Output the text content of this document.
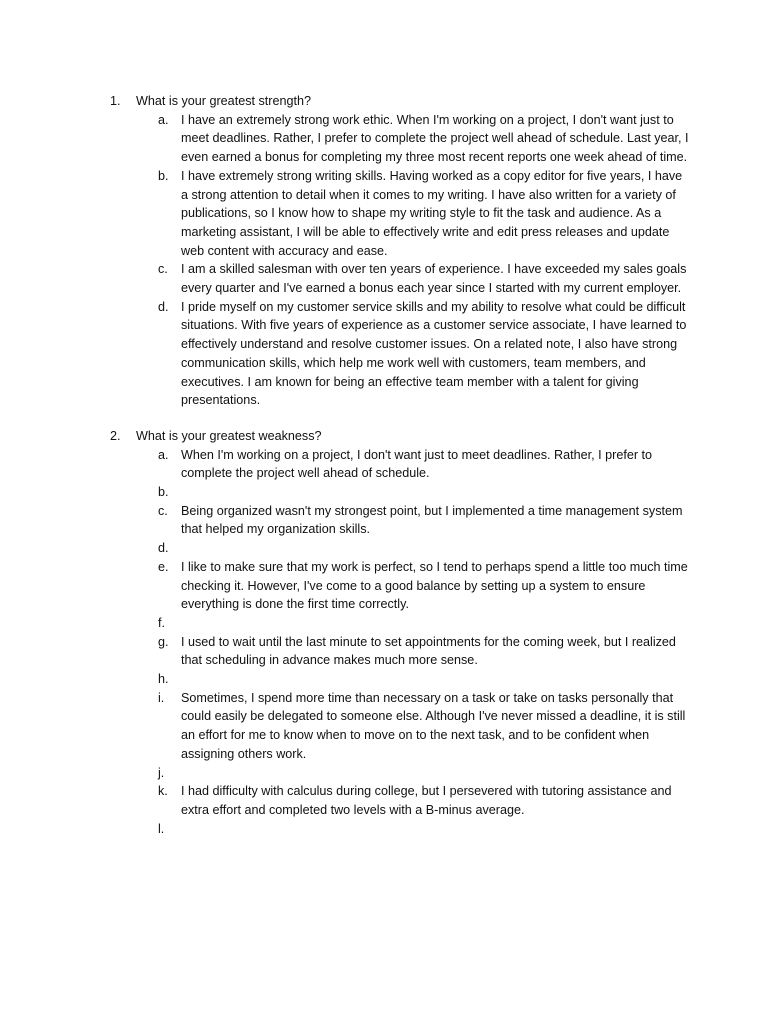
1.	What is your greatest strength?
a. I have an extremely strong work ethic. When I'm working on a project, I don't want just to meet deadlines. Rather, I prefer to complete the project well ahead of schedule. Last year, I even earned a bonus for completing my three most recent reports one week ahead of time.
b. I have extremely strong writing skills. Having worked as a copy editor for five years, I have a strong attention to detail when it comes to my writing. I have also written for a variety of publications, so I know how to shape my writing style to fit the task and audience. As a marketing assistant, I will be able to effectively write and edit press releases and update web content with accuracy and ease.
c.	I am a skilled salesman with over ten years of experience. I have exceeded my sales goals every quarter and I've earned a bonus each year since I started with my current employer.
d. I pride myself on my customer service skills and my ability to resolve what could be difficult situations. With five years of experience as a customer service associate, I have learned to effectively understand and resolve customer issues. On a related note, I also have strong communication skills, which help me work well with customers, team members, and executives. I am known for being an effective team member with a talent for giving presentations.
2.	What is your greatest weakness?
a. When I'm working on a project, I don't want just to meet deadlines. Rather, I prefer to complete the project well ahead of schedule.
b.
c.	Being organized wasn't my strongest point, but I implemented a time management system that helped my organization skills.
d.
e. I like to make sure that my work is perfect, so I tend to perhaps spend a little too much time checking it. However, I've come to a good balance by setting up a system to ensure everything is done the first time correctly.
f.
g. I used to wait until the last minute to set appointments for the coming week, but I realized that scheduling in advance makes much more sense.
h.
i.	Sometimes, I spend more time than necessary on a task or take on tasks personally that could easily be delegated to someone else. Although I've never missed a deadline, it is still an effort for me to know when to move on to the next task, and to be confident when assigning others work.
j.
k.	I had difficulty with calculus during college, but I persevered with tutoring assistance and extra effort and completed two levels with a B-minus average.
l.
